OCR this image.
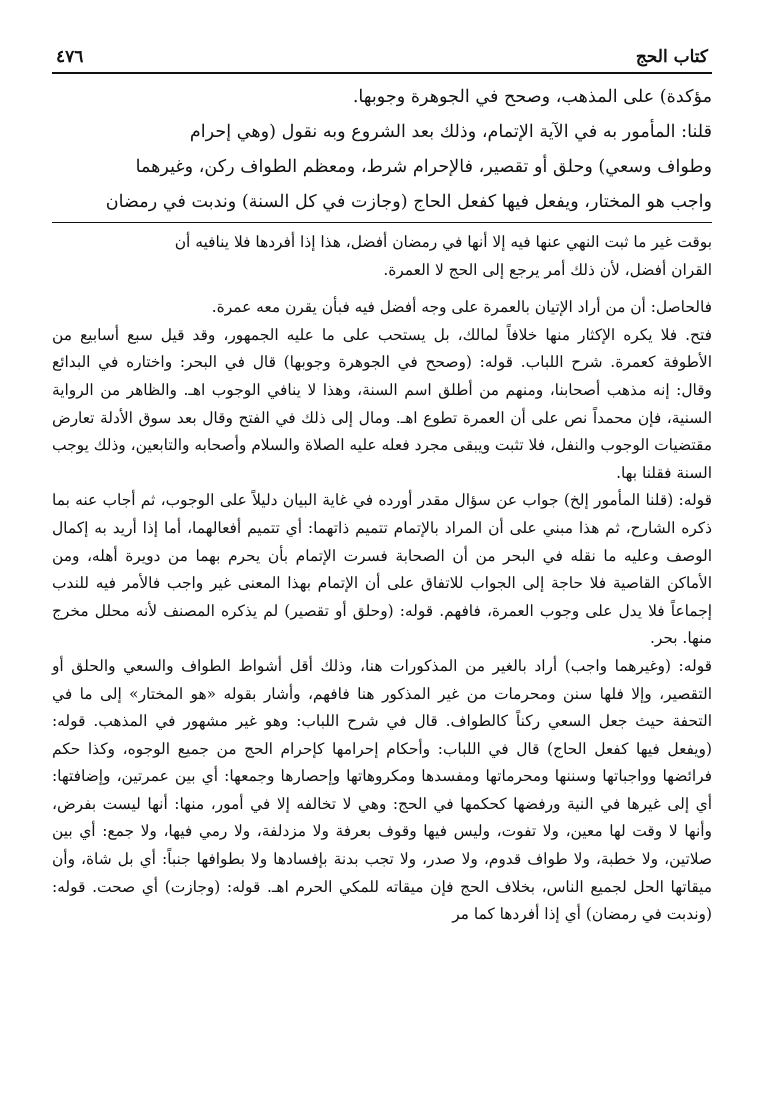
كتاب الحج
٤٧٦
مؤكدة) على المذهب، وصحح في الجوهرة وجوبها.
قلنا: المأمور به في الآية الإتمام، وذلك بعد الشروع وبه نقول (وهي إحرام
وطواف وسعي) وحلق أو تقصير، فالإحرام شرط، ومعظم الطواف ركن، وغيرهما
واجب هو المختار، ويفعل فيها كفعل الحاج (وجازت في كل السنة) وندبت في رمضان

بوقت غير ما ثبت النهي عنها فيه إلا أنها في رمضان أفضل، هذا إذا أفردها فلا ينافيه أن

القران أفضل، لأن ذلك أمر يرجع إلى الحج لا العمرة.

فالحاصل: أن من أراد الإتيان بالعمرة على وجه أفضل فيه فبأن يقرن معه عمرة.

فتح. فلا يكره الإكثار منها خلافاً لمالك، بل يستحب على ما عليه الجمهور، وقد قيل سبع أسابيع من الأطوفة كعمرة. شرح اللباب. قوله: (وصحح في الجوهرة وجوبها) قال في البحر: واختاره في البدائع وقال: إنه مذهب أصحابنا، ومنهم من أطلق اسم السنة، وهذا لا ينافي الوجوب اهـ. والظاهر من الرواية السنية، فإن محمداً نص على أن العمرة تطوع اهـ. ومال إلى ذلك في الفتح وقال بعد سوق الأدلة تعارض مقتضيات الوجوب والنفل، فلا تثبت ويبقى مجرد فعله عليه الصلاة والسلام وأصحابه والتابعين، وذلك يوجب السنة فقلنا بها.

قوله: (قلنا المأمور إلخ) جواب عن سؤال مقدر أورده في غاية البيان دليلاً على الوجوب، ثم أجاب عنه بما ذكره الشارح، ثم هذا مبني على أن المراد بالإتمام تتميم ذاتهما: أي تتميم أفعالهما، أما إذا أريد به إكمال الوصف وعليه ما نقله في البحر من أن الصحابة فسرت الإتمام بأن يحرم بهما من دويرة أهله، ومن الأماكن القاصية فلا حاجة إلى الجواب للاتفاق على أن الإتمام بهذا المعنى غير واجب فالأمر فيه للندب إجماعاً فلا يدل على وجوب العمرة، فافهم. قوله: (وحلق أو تقصير) لم يذكره المصنف لأنه محلل مخرج منها. بحر.

قوله: (وغيرهما واجب) أراد بالغير من المذكورات هنا، وذلك أقل أشواط الطواف والسعي والحلق أو التقصير، وإلا فلها سنن ومحرمات من غير المذكور هنا فافهم، وأشار بقوله «هو المختار» إلى ما في التحفة حيث جعل السعي ركناً كالطواف. قال في شرح اللباب: وهو غير مشهور في المذهب. قوله: (ويفعل فيها كفعل الحاج) قال في اللباب: وأحكام إحرامها كإحرام الحج من جميع الوجوه، وكذا حكم فرائضها وواجباتها وسننها ومحرماتها ومفسدها ومكروهاتها وإحصارها وجمعها: أي بين عمرتين، وإضافتها: أي إلى غيرها في النية ورفضها كحكمها في الحج: وهي لا تخالفه إلا في أمور، منها: أنها ليست بفرض، وأنها لا وقت لها معين، ولا تفوت، وليس فيها وقوف بعرفة ولا مزدلفة، ولا رمي فيها، ولا جمع: أي بين صلاتين، ولا خطبة، ولا طواف قدوم، ولا صدر، ولا تجب بدنة بإفسادها ولا بطوافها جنباً: أي بل شاة، وأن ميقاتها الحل لجميع الناس، بخلاف الحج فإن ميقاته للمكي الحرم اهـ. قوله: (وجازت) أي صحت. قوله: (وندبت في رمضان) أي إذا أفردها كما مر
